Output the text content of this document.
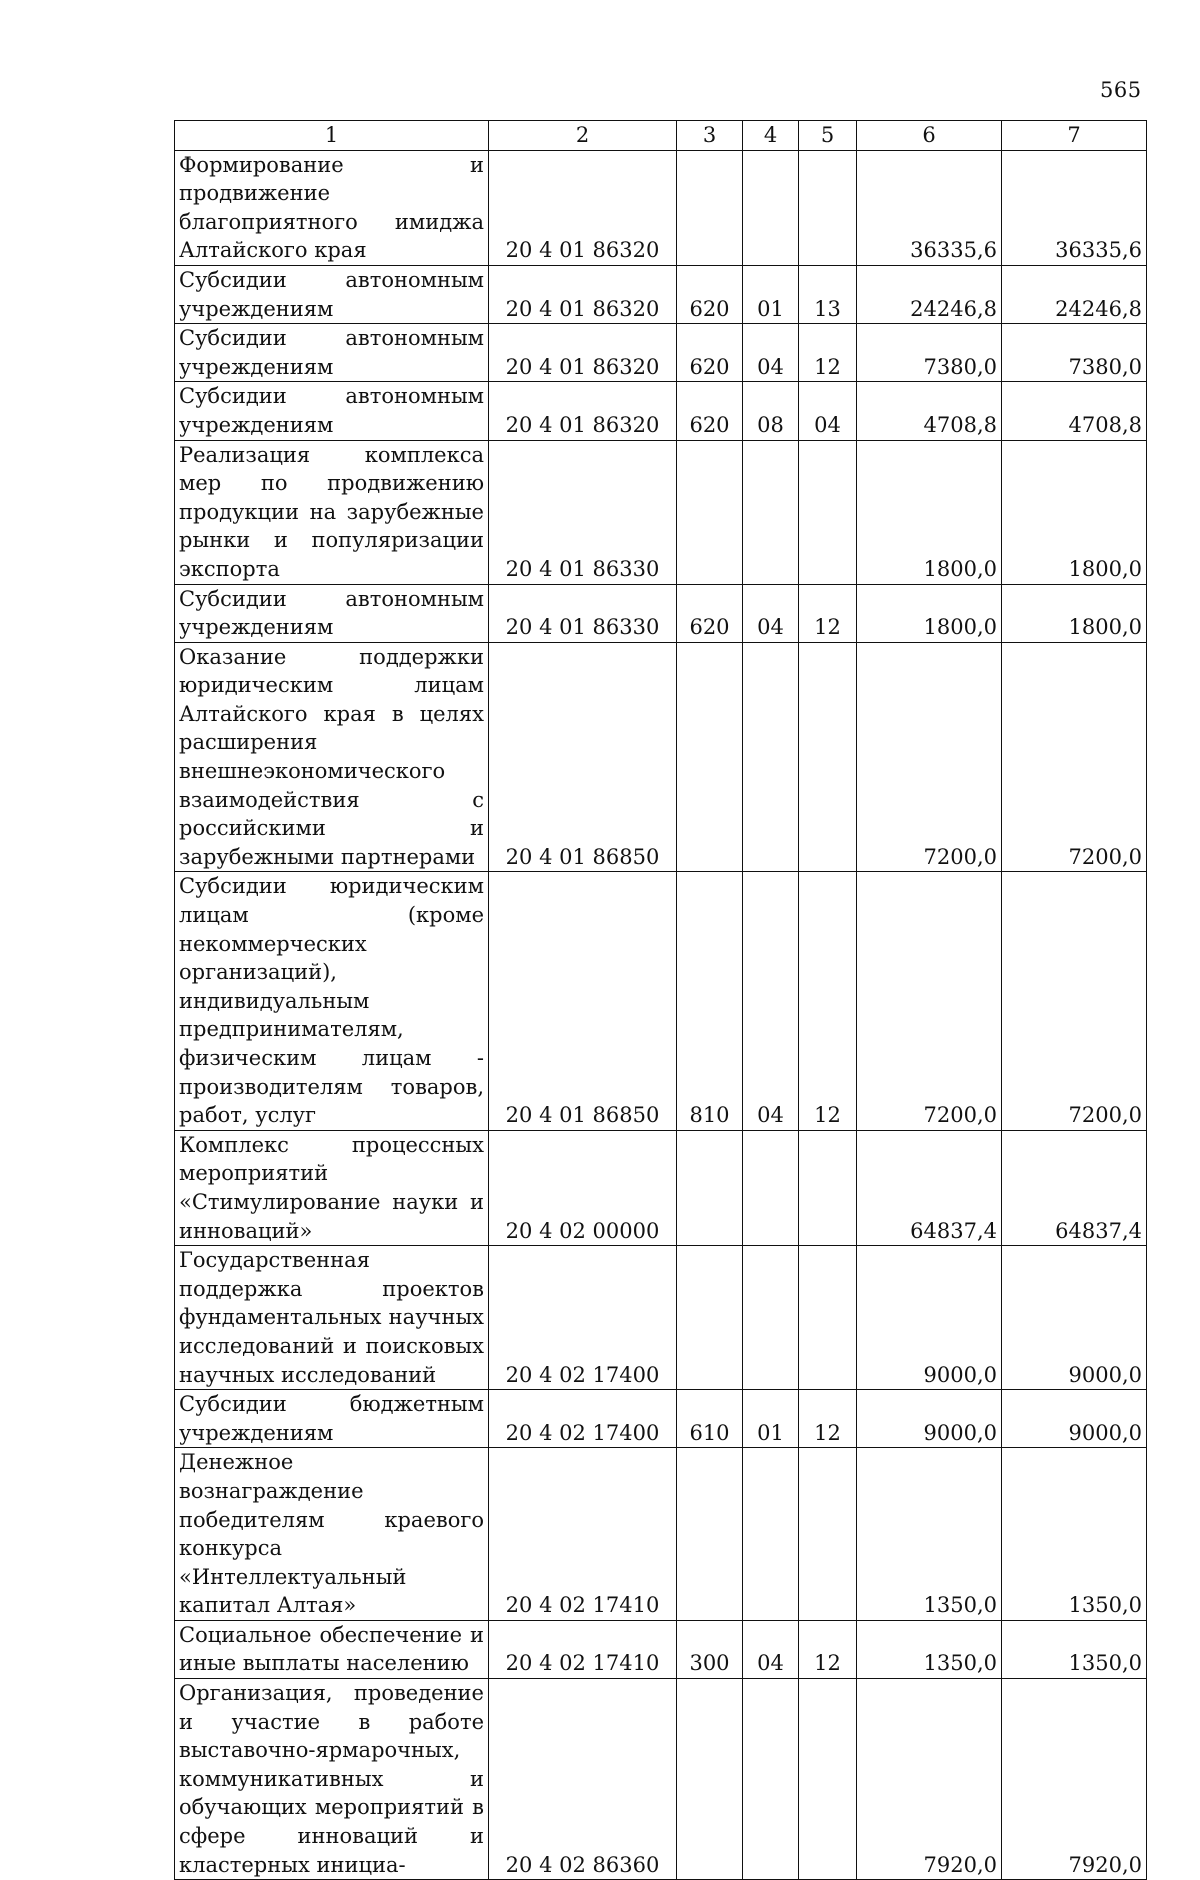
565
1	2	3	4	5	6	7
Формирование и продвижение благоприятного имиджа Алтайского края	20 4 01 86320				36335,6	36335,6
Субсидии автономным учреждениям	20 4 01 86320	620	01	13	24246,8	24246,8
Субсидии автономным учреждениям	20 4 01 86320	620	04	12	7380,0	7380,0
Субсидии автономным учреждениям	20 4 01 86320	620	08	04	4708,8	4708,8
Реализация комплекса мер по продвижению продукции на зарубежные рынки и популяризации экспорта	20 4 01 86330				1800,0	1800,0
Субсидии автономным учреждениям	20 4 01 86330	620	04	12	1800,0	1800,0
Оказание поддержки юридическим лицам Алтайского края в целях расширения внешнеэкономического взаимодействия с российскими и зарубежными партнерами	20 4 01 86850				7200,0	7200,0
Субсидии юридическим лицам (кроме некоммерческих организаций), индивидуальным предпринимателям, физическим лицам - производителям товаров, работ, услуг	20 4 01 86850	810	04	12	7200,0	7200,0
Комплекс процессных мероприятий «Стимулирование науки и инноваций»	20 4 02 00000				64837,4	64837,4
Государственная поддержка проектов фундаментальных научных исследований и поисковых научных исследований	20 4 02 17400				9000,0	9000,0
Субсидии бюджетным учреждениям	20 4 02 17400	610	01	12	9000,0	9000,0
Денежное вознаграждение победителям краевого конкурса «Интеллектуальный капитал Алтая»	20 4 02 17410				1350,0	1350,0
Социальное обеспечение и иные выплаты населению	20 4 02 17410	300	04	12	1350,0	1350,0
Организация, проведение и участие в работе выставочно-ярмарочных, коммуникативных и обучающих мероприятий в сфере инноваций и кластерных инициа-	20 4 02 86360				7920,0	7920,0
